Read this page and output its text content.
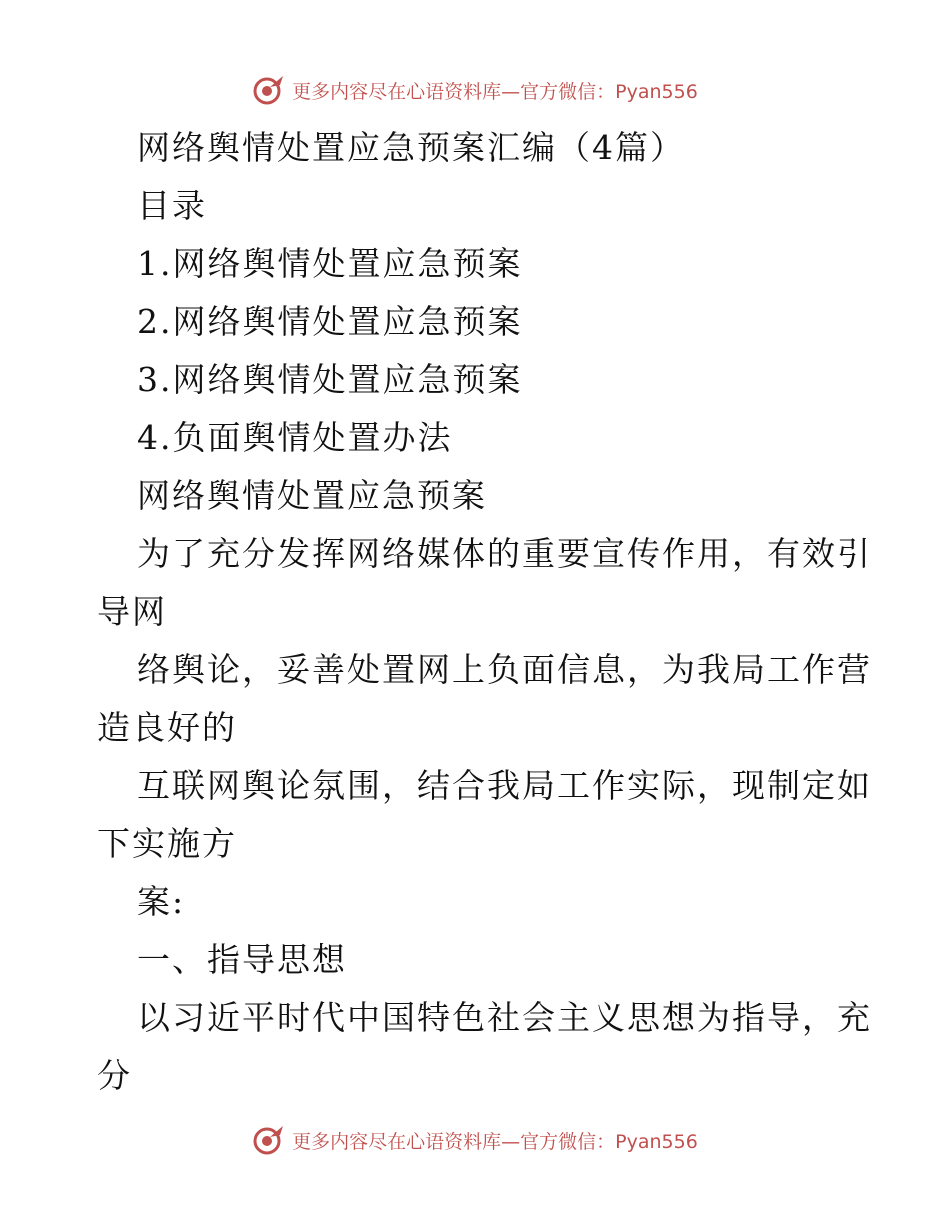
更多内容尽在心语资料库—官方微信：Pyan556
网络舆情处置应急预案汇编（4篇）
目录
1.网络舆情处置应急预案
2.网络舆情处置应急预案
3.网络舆情处置应急预案
4.负面舆情处置办法
网络舆情处置应急预案
为了充分发挥网络媒体的重要宣传作用，有效引
导网
络舆论，妥善处置网上负面信息，为我局工作营
造良好的
互联网舆论氛围，结合我局工作实际，现制定如
下实施方
案:
一、指导思想
以习近平时代中国特色社会主义思想为指导，充
分
更多内容尽在心语资料库—官方微信：Pyan556
